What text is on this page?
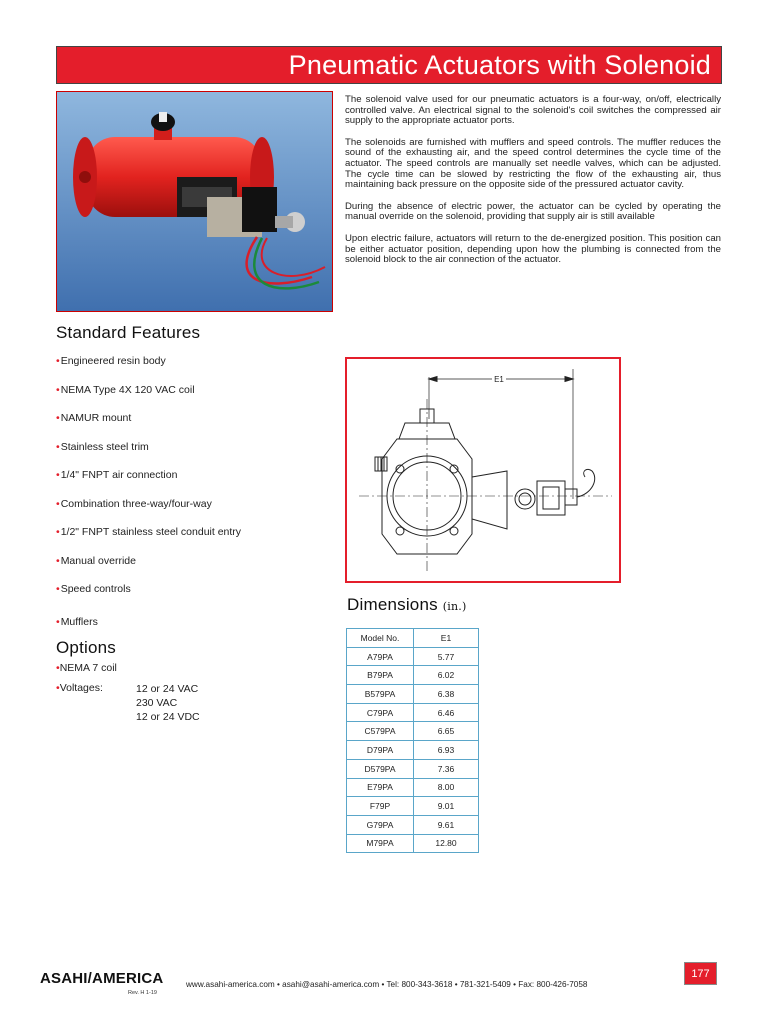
Pneumatic Actuators with Solenoid

The solenoid valve used for our pneumatic actuators is a four-way, on/off, electrically controlled valve. An electrical signal to the solenoid's coil switches the compressed air supply to the appropriate actuator ports.

The solenoids are furnished with mufflers and speed controls. The muffler reduces the sound of the exhausting air, and the speed control determines the cycle time of the actuator. The speed controls are manually set needle valves, which can be adjusted. The cycle time can be slowed by restricting the flow of the exhausting air, thus maintaining back pressure on the opposite side of the pressured actuator cavity.

During the absence of electric power, the actuator can be cycled by operating the manual override on the solenoid, providing that supply air is still available

Upon electric failure, actuators will return to the de-energized position. This position can be either actuator position, depending upon how the plumbing is connected from the solenoid block to the air connection of the actuator.

Standard Features
•Engineered resin body
•NEMA Type 4X 120 VAC coil
•NAMUR mount
•Stainless steel trim
•1/4" FNPT air connection
•Combination three-way/four-way
•1/2" FNPT stainless steel conduit entry
•Manual override
•Speed controls
•Mufflers
Options
•NEMA 7 coil
•Voltages:	12 or 24 VAC
230 VAC
12 or 24 VDC
E1
Dimensions (in.)
Model No.	E1
A79PA	5.77
B79PA	6.02
B579PA	6.38
C79PA	6.46
C579PA	6.65
D79PA	6.93
D579PA	7.36
E79PA	8.00
F79P	9.01
G79PA	9.61
M79PA	12.80
ASAHI/AMERICA
Rev. H 1-19
www.asahi-america.com • asahi@asahi-america.com • Tel: 800-343-3618 • 781-321-5409 • Fax: 800-426-7058
177
